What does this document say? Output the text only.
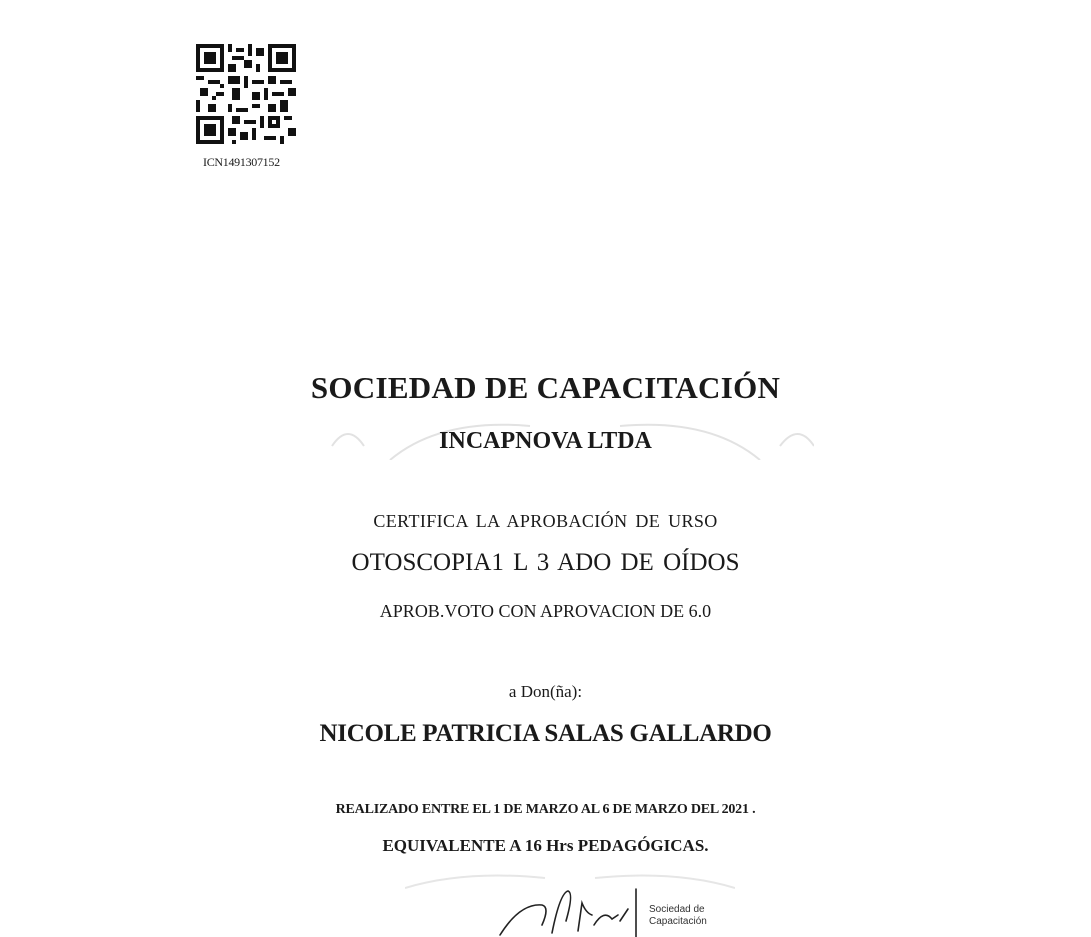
ICN1491307152
SOCIEDAD DE CAPACITACIÓN
INCAPNOVA LTDA
CERTIFICA LA APROBACIÓN DE URSO
OTOSCOPIA1 L 3 ADO DE OÍDOS
APROB.VOTO CON APROVACION DE 6.0
a Don(ña):
NICOLE PATRICIA SALAS GALLARDO
REALIZADO ENTRE EL 1 DE MARZO AL 6 DE MARZO DEL 2021 .
EQUIVALENTE A 16 Hrs PEDAGÓGICAS.
Sociedad de
Capacitación
